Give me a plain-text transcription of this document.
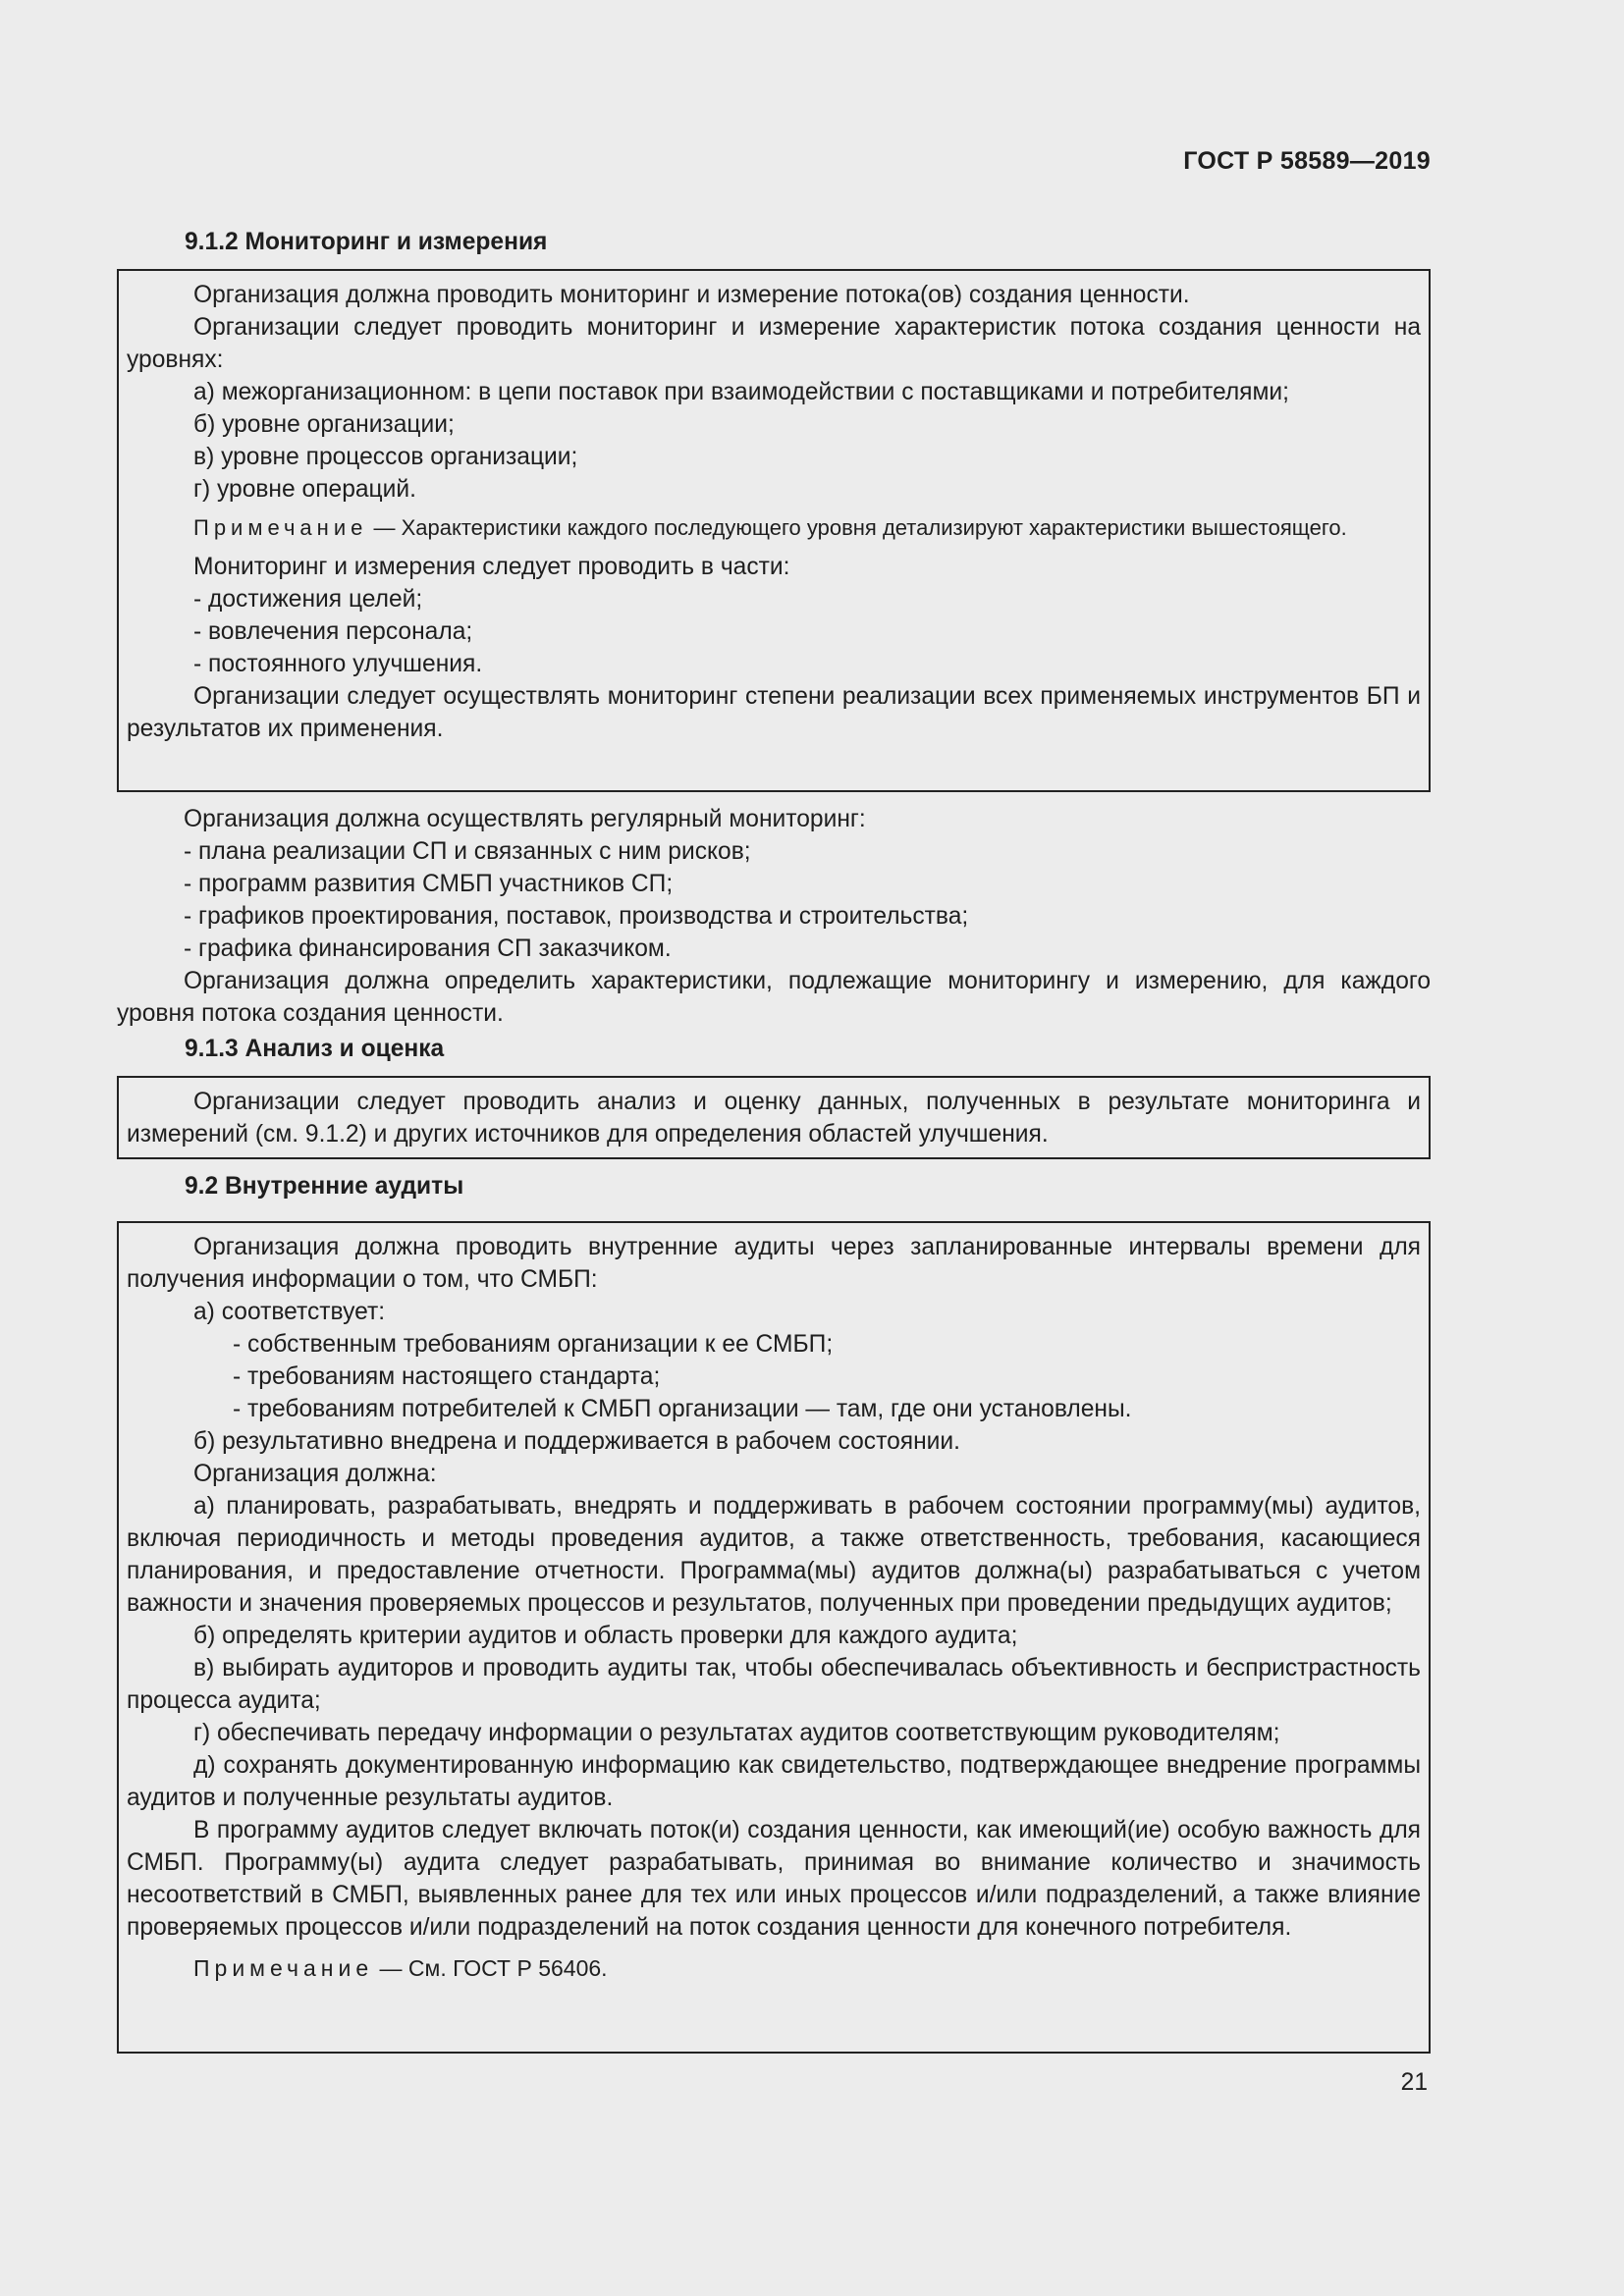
ГОСТ Р 58589—2019
9.1.2 Мониторинг и измерения

Организация должна проводить мониторинг и измерение потока(ов) создания ценности.

Организации следует проводить мониторинг и измерение характеристик потока создания ценности на уровнях:

а) межорганизационном: в цепи поставок при взаимодействии с поставщиками и потребителями;

б) уровне организации;

в) уровне процессов организации;

г) уровне операций.

Примечание — Характеристики каждого последующего уровня детализируют характеристики вышестоящего.

Мониторинг и измерения следует проводить в части:

- достижения целей;

- вовлечения персонала;

- постоянного улучшения.

Организации следует осуществлять мониторинг степени реализации всех применяемых инструментов БП и результатов их применения.

Организация должна осуществлять регулярный мониторинг:

- плана реализации СП и связанных с ним рисков;

- программ развития СМБП участников СП;

- графиков проектирования, поставок, производства и строительства;

- графика финансирования СП заказчиком.

Организация должна определить характеристики, подлежащие мониторингу и измерению, для каждого уровня потока создания ценности.

9.1.3 Анализ и оценка

Организации следует проводить анализ и оценку данных, полученных в результате мониторинга и измерений (см. 9.1.2) и других источников для определения областей улучшения.

9.2 Внутренние аудиты

Организация должна проводить внутренние аудиты через запланированные интервалы времени для получения информации о том, что СМБП:

а) соответствует:

- собственным требованиям организации к ее СМБП;

- требованиям настоящего стандарта;

- требованиям потребителей к СМБП организации — там, где они установлены.

б) результативно внедрена и поддерживается в рабочем состоянии.

Организация должна:

а) планировать, разрабатывать, внедрять и поддерживать в рабочем состоянии программу(мы) аудитов, включая периодичность и методы проведения аудитов, а также ответственность, требования, касающиеся планирования, и предоставление отчетности. Программа(мы) аудитов должна(ы) разрабатываться с учетом важности и значения проверяемых процессов и результатов, полученных при проведении предыдущих аудитов;

б) определять критерии аудитов и область проверки для каждого аудита;

в) выбирать аудиторов и проводить аудиты так, чтобы обеспечивалась объективность и беспристрастность процесса аудита;

г) обеспечивать передачу информации о результатах аудитов соответствующим руководителям;

д) сохранять документированную информацию как свидетельство, подтверждающее внедрение программы аудитов и полученные результаты аудитов.

В программу аудитов следует включать поток(и) создания ценности, как имеющий(ие) особую важность для СМБП. Программу(ы) аудита следует разрабатывать, принимая во внимание количество и значимость несоответствий в СМБП, выявленных ранее для тех или иных процессов и/или подразделений, а также влияние проверяемых процессов и/или подразделений на поток создания ценности для конечного потребителя.

Примечание — См. ГОСТ Р 56406.

21
